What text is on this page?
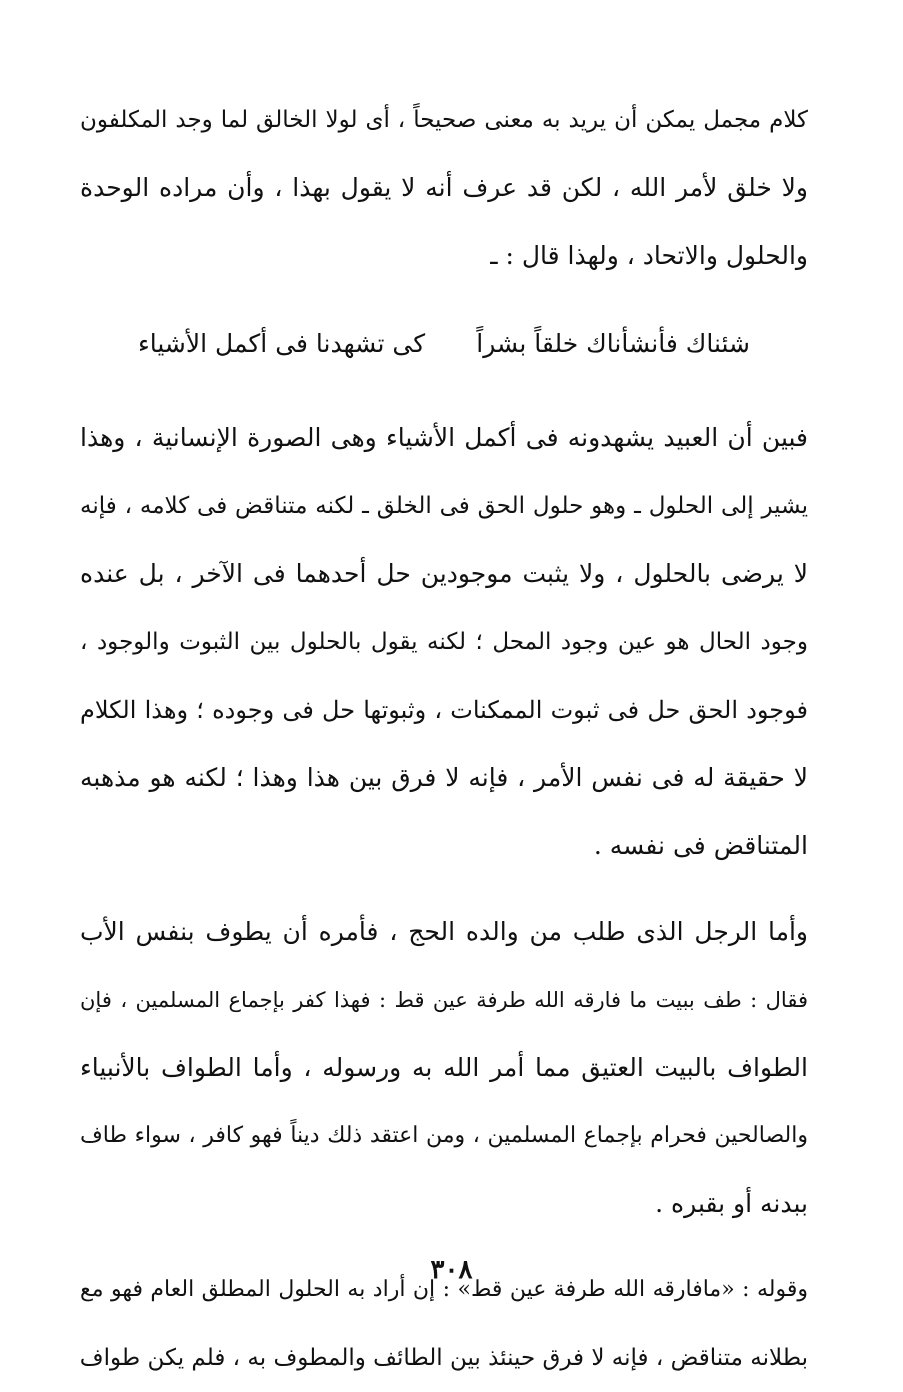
كلام مجمل يمكن أن يريد به معنى صحيحاً ، أى لولا الخالق لما وجد المكلفون
ولا خلق لأمر الله ، لكن قد عرف أنه لا يقول بهذا ، وأن مراده الوحدة
والحلول والاتحاد ، ولهذا قال : ـ
شئناك فأنشأناك خلقاً بشراً
كى تشهدنا فى أكمل الأشياء
فبين أن العبيد يشهدونه فى أكمل الأشياء وهى الصورة الإنسانية ، وهذا
يشير إلى الحلول ـ وهو حلول الحق فى الخلق ـ لكنه متناقض فى كلامه ، فإنه
لا يرضى بالحلول ، ولا يثبت موجودين حل أحدهما فى الآخر ، بل عنده
وجود الحال هو عين وجود المحل ؛ لكنه يقول بالحلول بين الثبوت والوجود ،
فوجود الحق حل فى ثبوت الممكنات ، وثبوتها حل فى وجوده ؛ وهذا الكلام
لا حقيقة له فى نفس الأمر ، فإنه لا فرق بين هذا وهذا ؛ لكنه هو مذهبه
المتناقض فى نفسه .
وأما الرجل الذى طلب من والده الحج ، فأمره أن يطوف بنفس الأب
فقال : طف ببيت ما فارقه الله طرفة عين قط : فهذا كفر بإجماع المسلمين ، فإن
الطواف بالبيت العتيق مما أمر الله به ورسوله ، وأما الطواف بالأنبياء
والصالحين فحرام بإجماع المسلمين ، ومن اعتقد ذلك ديناً فهو كافر ، سواء طاف
ببدنه أو بقبره .
وقوله : «مافارقه الله طرفة عين قط» : إن أراد به الحلول المطلق العام فهو مع
بطلانه متناقض ، فإنه لا فرق حينئذ بين الطائف والمطوف به ، فلم يكن طواف
٣٠٨
